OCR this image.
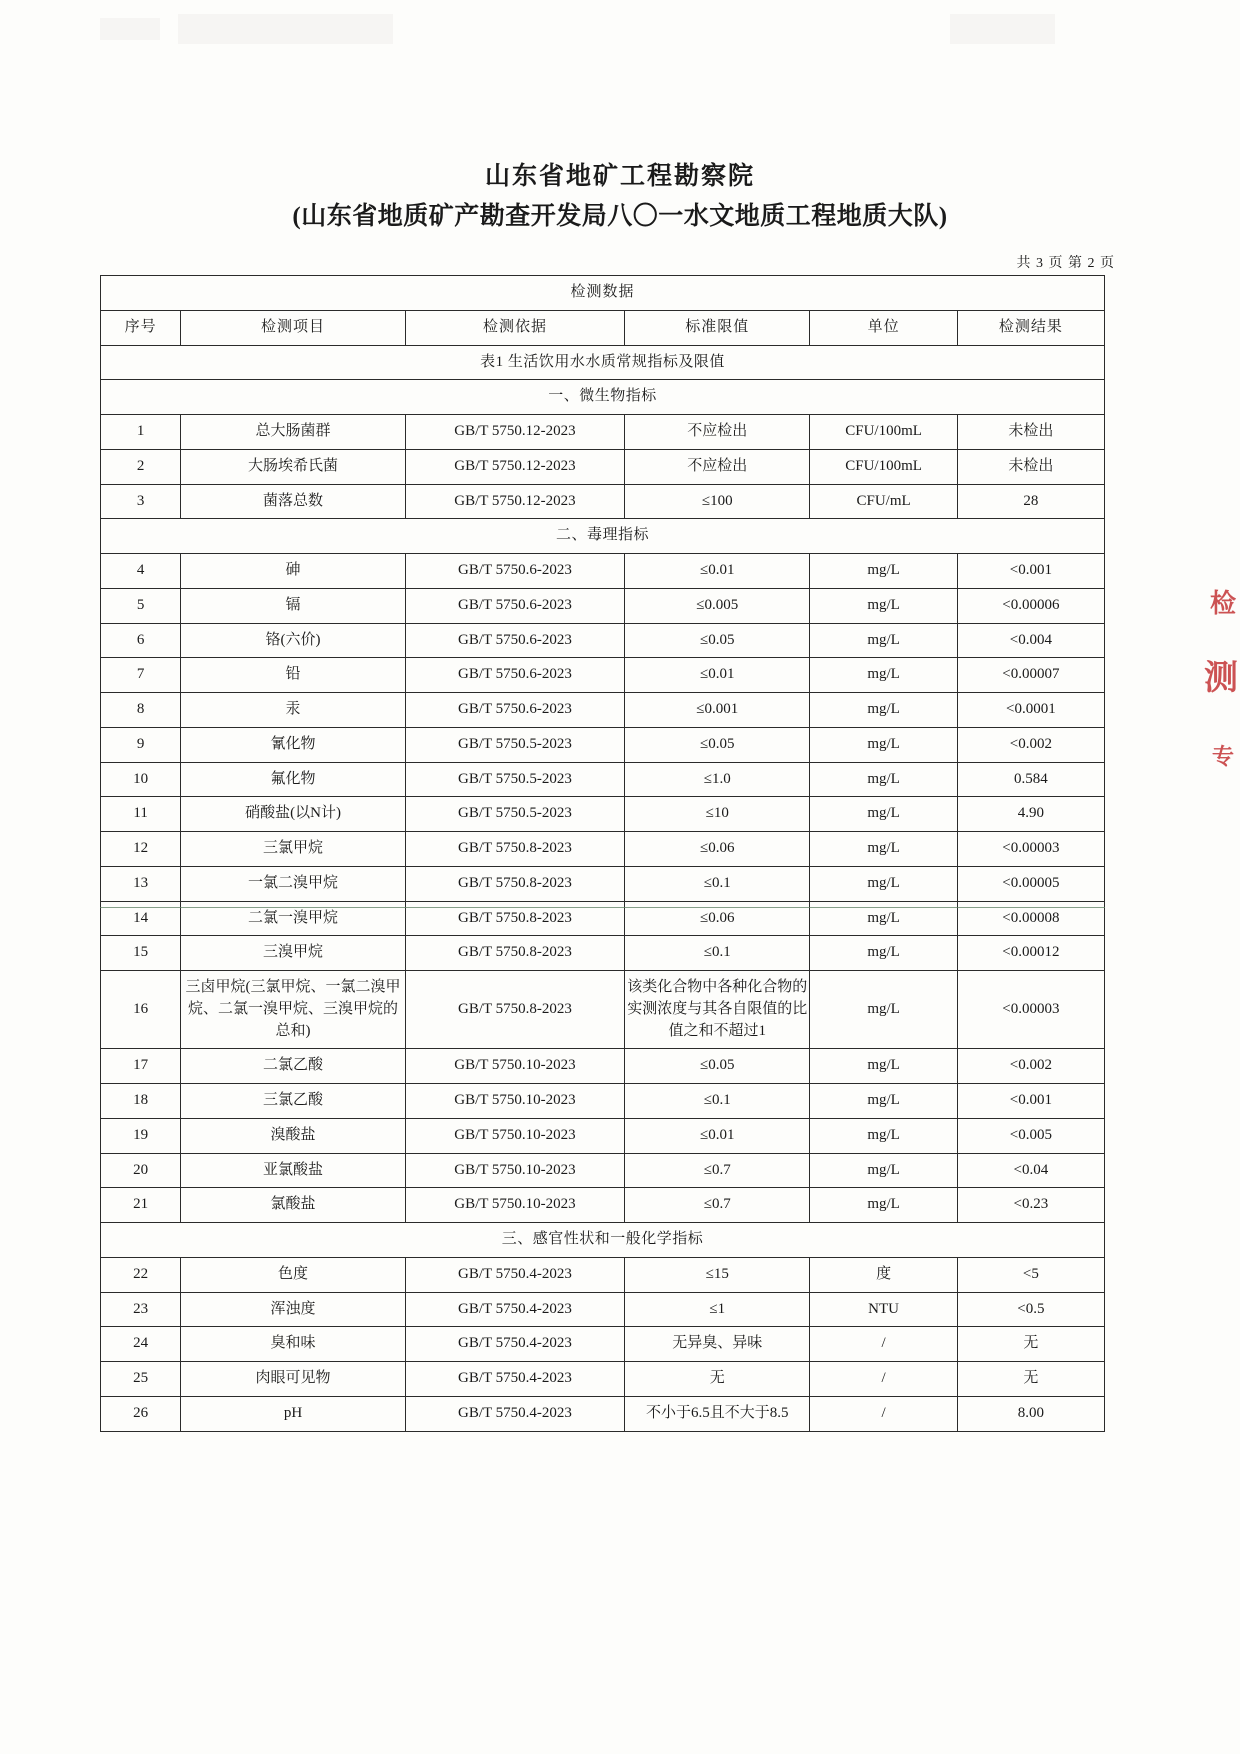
山东省地矿工程勘察院
(山东省地质矿产勘查开发局八〇一水文地质工程地质大队)
共 3 页 第 2 页
检测数据					
序号	检测项目	检测依据	标准限值	单位	检测结果
表1 生活饮用水水质常规指标及限值					
一、微生物指标					
1	总大肠菌群	GB/T 5750.12-2023	不应检出	CFU/100mL	未检出
2	大肠埃希氏菌	GB/T 5750.12-2023	不应检出	CFU/100mL	未检出
3	菌落总数	GB/T 5750.12-2023	≤100	CFU/mL	28
二、毒理指标					
4	砷	GB/T 5750.6-2023	≤0.01	mg/L	<0.001
5	镉	GB/T 5750.6-2023	≤0.005	mg/L	<0.00006
6	铬(六价)	GB/T 5750.6-2023	≤0.05	mg/L	<0.004
7	铅	GB/T 5750.6-2023	≤0.01	mg/L	<0.00007
8	汞	GB/T 5750.6-2023	≤0.001	mg/L	<0.0001
9	氰化物	GB/T 5750.5-2023	≤0.05	mg/L	<0.002
10	氟化物	GB/T 5750.5-2023	≤1.0	mg/L	0.584
11	硝酸盐(以N计)	GB/T 5750.5-2023	≤10	mg/L	4.90
12	三氯甲烷	GB/T 5750.8-2023	≤0.06	mg/L	<0.00003
13	一氯二溴甲烷	GB/T 5750.8-2023	≤0.1	mg/L	<0.00005
14	二氯一溴甲烷	GB/T 5750.8-2023	≤0.06	mg/L	<0.00008
15	三溴甲烷	GB/T 5750.8-2023	≤0.1	mg/L	<0.00012
16	三卤甲烷(三氯甲烷、一氯二溴甲烷、二氯一溴甲烷、三溴甲烷的总和)	GB/T 5750.8-2023	该类化合物中各种化合物的实测浓度与其各自限值的比值之和不超过1	mg/L	<0.00003
17	二氯乙酸	GB/T 5750.10-2023	≤0.05	mg/L	<0.002
18	三氯乙酸	GB/T 5750.10-2023	≤0.1	mg/L	<0.001
19	溴酸盐	GB/T 5750.10-2023	≤0.01	mg/L	<0.005
20	亚氯酸盐	GB/T 5750.10-2023	≤0.7	mg/L	<0.04
21	氯酸盐	GB/T 5750.10-2023	≤0.7	mg/L	<0.23
三、感官性状和一般化学指标					
22	色度	GB/T 5750.4-2023	≤15	度	<5
23	浑浊度	GB/T 5750.4-2023	≤1	NTU	<0.5
24	臭和味	GB/T 5750.4-2023	无异臭、异味	/	无
25	肉眼可见物	GB/T 5750.4-2023	无	/	无
26	pH	GB/T 5750.4-2023	不小于6.5且不大于8.5	/	8.00
检
测
专
